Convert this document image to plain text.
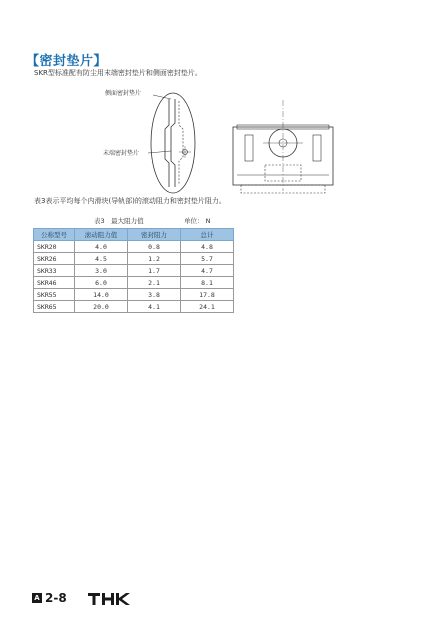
【密封垫片】
SKR型标准配有防尘用末端密封垫片和侧面密封垫片。
侧面密封垫片
末端密封垫片
表3表示平均每个内滑块(导轨部)的滚动阻力和密封垫片阻力。
表3　最大阻力值	单位： N
公称型号	滚动阻力值	密封阻力	总计
SKR20	4.0	0.8	4.8
SKR26	4.5	1.2	5.7
SKR33	3.0	1.7	4.7
SKR46	6.0	2.1	8.1
SKR55	14.0	3.8	17.8
SKR65	20.0	4.1	24.1
A 2-8
